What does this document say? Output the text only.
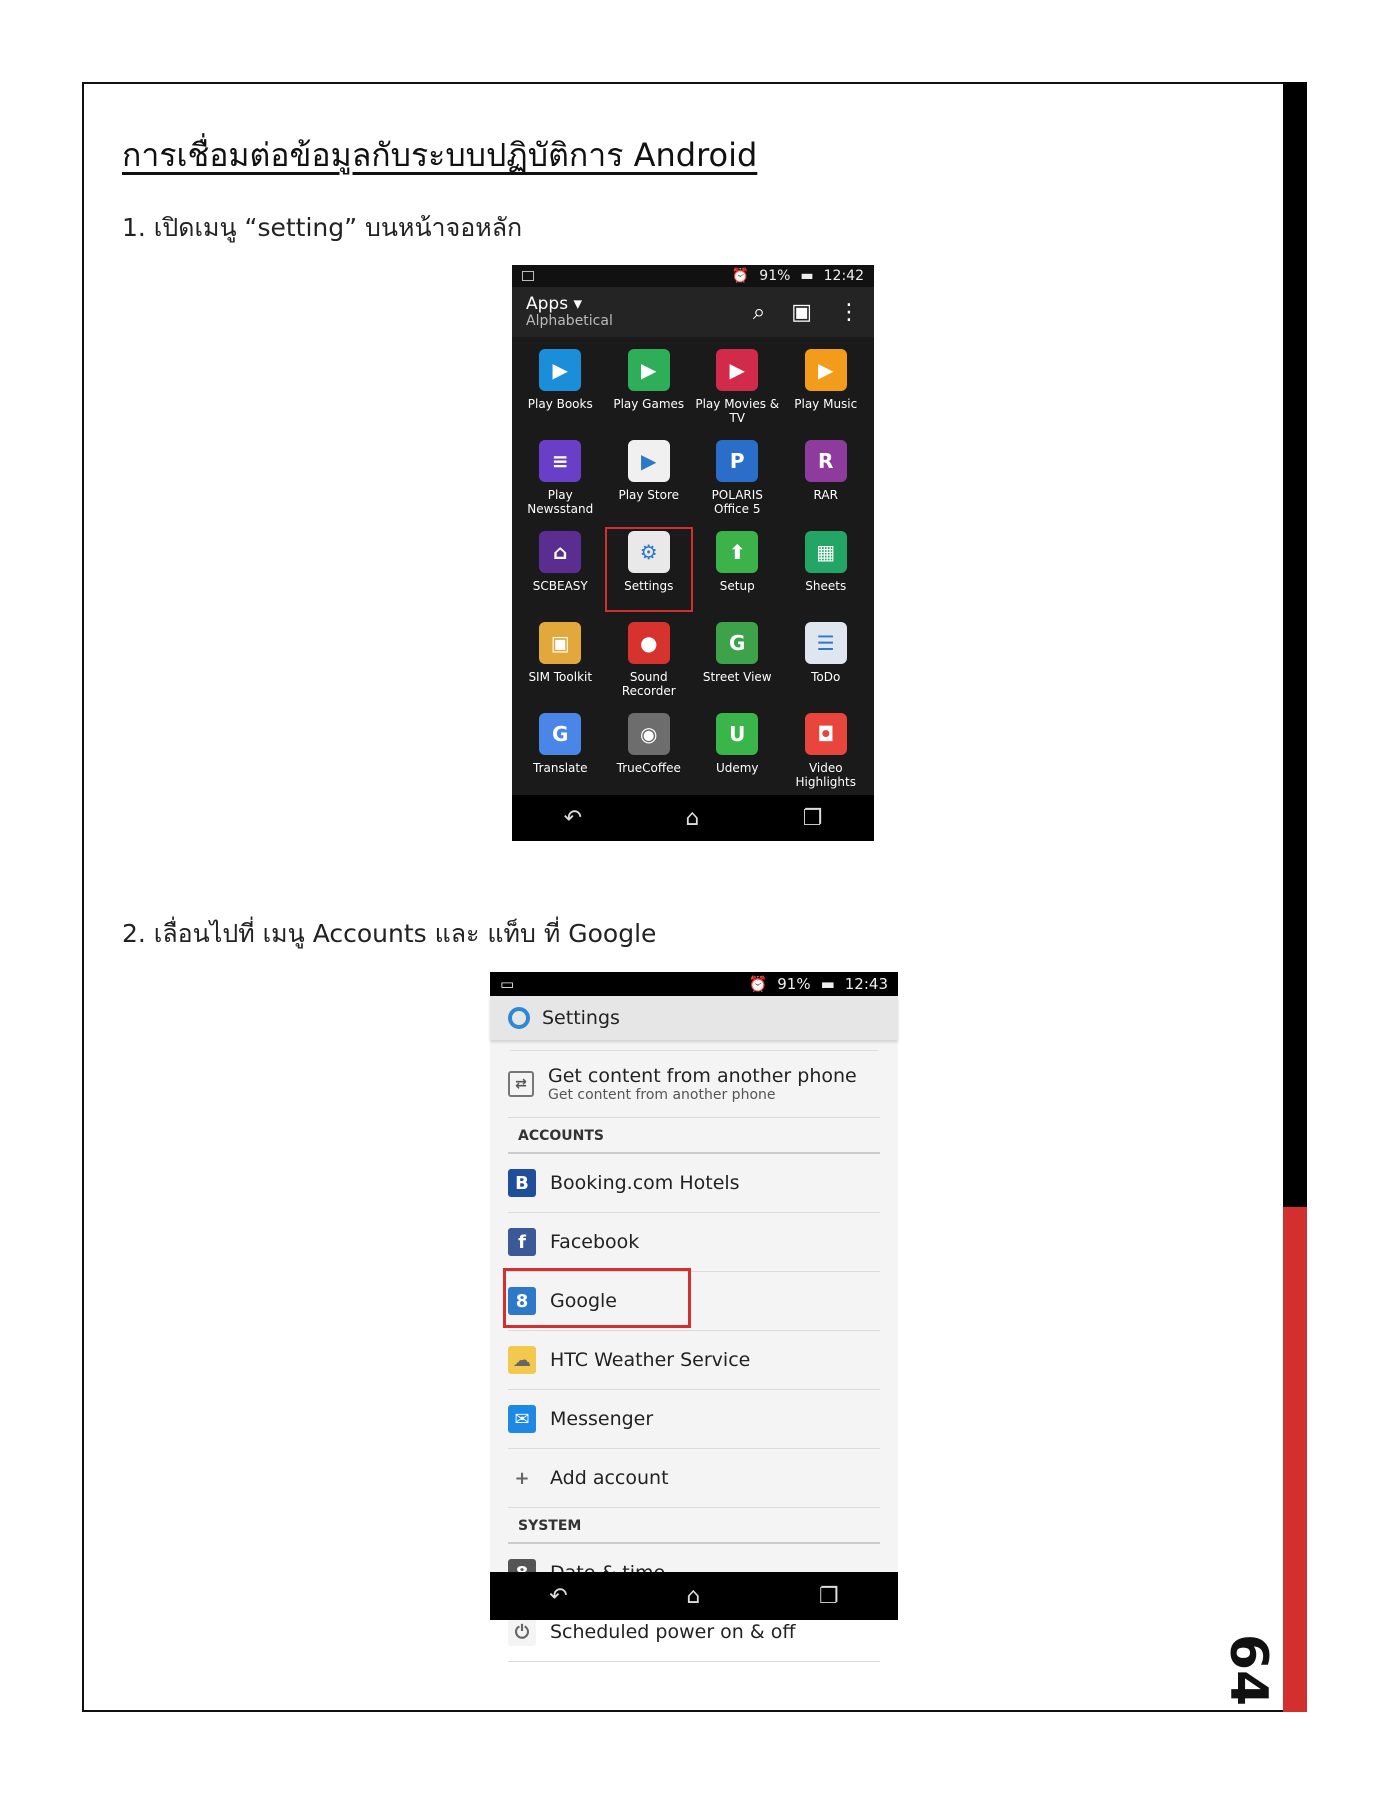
64
การเชื่อมต่อข้อมูลกับระบบปฏิบัติการ Android
1. เปิดเมนู “setting” บนหน้าจอหลัก
2. เลื่อนไปที่ เมนู Accounts และ แท็บ ที่ Google
⏰ 91% ▬ 12:42
Apps ▾
Alphabetical	⌕ ▣ ⋮
▶
Play Books
▶
Play Games
▶
Play Movies & TV
▶
Play Music
≡
Play Newsstand
▶
Play Store
P
POLARIS Office 5
R
RAR
⌂
SCBEASY
⚙
Settings
⬆
Setup
▦
Sheets
▣
SIM Toolkit
●
Sound Recorder
G
Street View
☰
ToDo
G
Translate
◉
TrueCoffee
U
Udemy
◘
Video Highlights
↶	⌂	❐
▭	⏰ 91% ▬ 12:43
Settings
⇄	Get content from another phone
Get content from another phone
ACCOUNTS
B	Booking.com Hotels
f	Facebook
8	Google
☁ HTC Weather Service
✉	Messenger
+	Add account
SYSTEM
⏻	Scheduled power on & off
↶	⌂	❐
